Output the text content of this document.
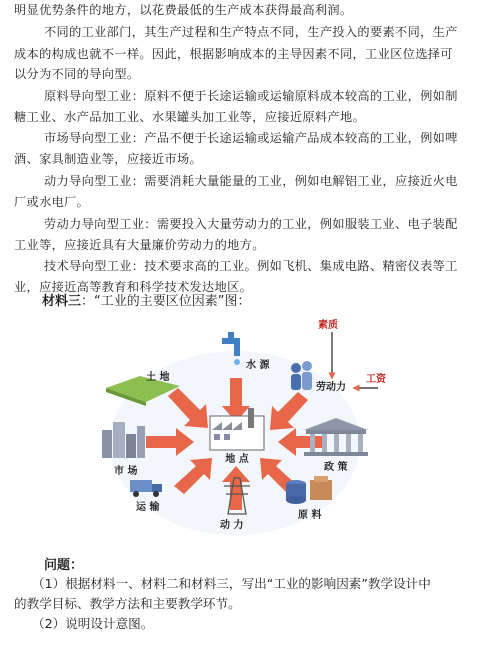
明显优势条件的地方，以花费最低的生产成本获得最高利润。
不同的工业部门，其生产过程和生产特点不同，生产投入的要素不同，生产
成本的构成也就不一样。因此，根据影响成本的主导因素不同，工业区位选择可
以分为不同的导向型。
原料导向型工业：原料不便于长途运输或运输原料成本较高的工业，例如制
糖工业、水产品加工业、水果罐头加工业等，应接近原料产地。
市场导向型工业：产品不便于长途运输或运输产品成本较高的工业，例如啤
酒、家具制造业等，应接近市场。
动力导向型工业：需要消耗大量能量的工业，例如电解铝工业，应接近火电
厂或水电厂。
劳动力导向型工业：需要投入大量劳动力的工业，例如服装工业、电子装配
工业等，应接近具有大量廉价劳动力的地方。
技术导向型工业：技术要求高的工业。例如飞机、集成电路、精密仪表等工
业，应接近高等教育和科学技术发达地区。
材料三：“工业的主要区位因素”图：
地 点
水 源
土 地
素质
劳动力
工资
市 场	政 策
运 输
动 力
原 料
问题：
（1）根据材料一、材料二和材料三，写出“工业的影响因素”教学设计中
的教学目标、教学方法和主要教学环节。
（2）说明设计意图。
